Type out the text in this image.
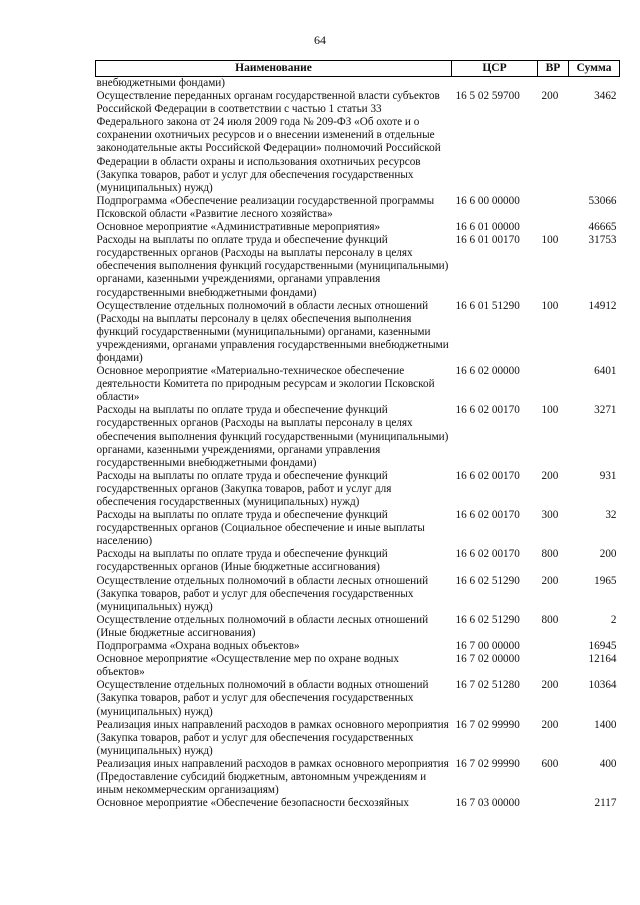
64
Наименование	ЦСР	ВР	Сумма
внебюджетными фондами)			
Осуществление переданных органам государственной власти субъектов Российской Федерации в соответствии с частью 1 статьи 33 Федерального закона от 24 июля 2009 года № 209-ФЗ «Об охоте и о сохранении охотничьих ресурсов и о внесении изменений в отдельные законодательные акты Российской Федерации» полномочий Российской Федерации в области охраны и использования охотничьих ресурсов (Закупка товаров, работ и услуг для обеспечения государственных (муниципальных) нужд)	16 5 02 59700	200	3462
Подпрограмма «Обеспечение реализации государственной программы Псковской области «Развитие лесного хозяйства»	16 6 00 00000		53066
Основное мероприятие «Административные мероприятия»	16 6 01 00000		46665
Расходы на выплаты по оплате труда и обеспечение функций государственных органов (Расходы на выплаты персоналу в целях обеспечения выполнения функций государственными (муниципальными) органами, казенными учреждениями, органами управления государственными внебюджетными фондами)	16 6 01 00170	100	31753
Осуществление отдельных полномочий в области лесных отношений (Расходы на выплаты персоналу в целях обеспечения выполнения функций государственными (муниципальными) органами, казенными учреждениями, органами управления государственными внебюджетными фондами)	16 6 01 51290	100	14912
Основное мероприятие «Материально-техническое обеспечение деятельности Комитета по природным ресурсам и экологии Псковской области»	16 6 02 00000		6401
Расходы на выплаты по оплате труда и обеспечение функций государственных органов (Расходы на выплаты персоналу в целях обеспечения выполнения функций государственными (муниципальными) органами, казенными учреждениями, органами управления государственными внебюджетными фондами)	16 6 02 00170	100	3271
Расходы на выплаты по оплате труда и обеспечение функций государственных органов (Закупка товаров, работ и услуг для обеспечения государственных (муниципальных) нужд)	16 6 02 00170	200	931
Расходы на выплаты по оплате труда и обеспечение функций государственных органов (Социальное обеспечение и иные выплаты населению)	16 6 02 00170	300	32
Расходы на выплаты по оплате труда и обеспечение функций государственных органов (Иные бюджетные ассигнования)	16 6 02 00170	800	200
Осуществление отдельных полномочий в области лесных отношений (Закупка товаров, работ и услуг для обеспечения государственных (муниципальных) нужд)	16 6 02 51290	200	1965
Осуществление отдельных полномочий в области лесных отношений (Иные бюджетные ассигнования)	16 6 02 51290	800	2
Подпрограмма «Охрана водных объектов»	16 7 00 00000		16945
Основное мероприятие «Осуществление мер по охране водных объектов»	16 7 02 00000		12164
Осуществление отдельных полномочий в области водных отношений (Закупка товаров, работ и услуг для обеспечения государственных (муниципальных) нужд)	16 7 02 51280	200	10364
Реализация иных направлений расходов в рамках основного мероприятия (Закупка товаров, работ и услуг для обеспечения государственных (муниципальных) нужд)	16 7 02 99990	200	1400
Реализация иных направлений расходов в рамках основного мероприятия (Предоставление субсидий бюджетным, автономным учреждениям и иным некоммерческим организациям)	16 7 02 99990	600	400
Основное мероприятие «Обеспечение безопасности бесхозяйных	16 7 03 00000		2117
